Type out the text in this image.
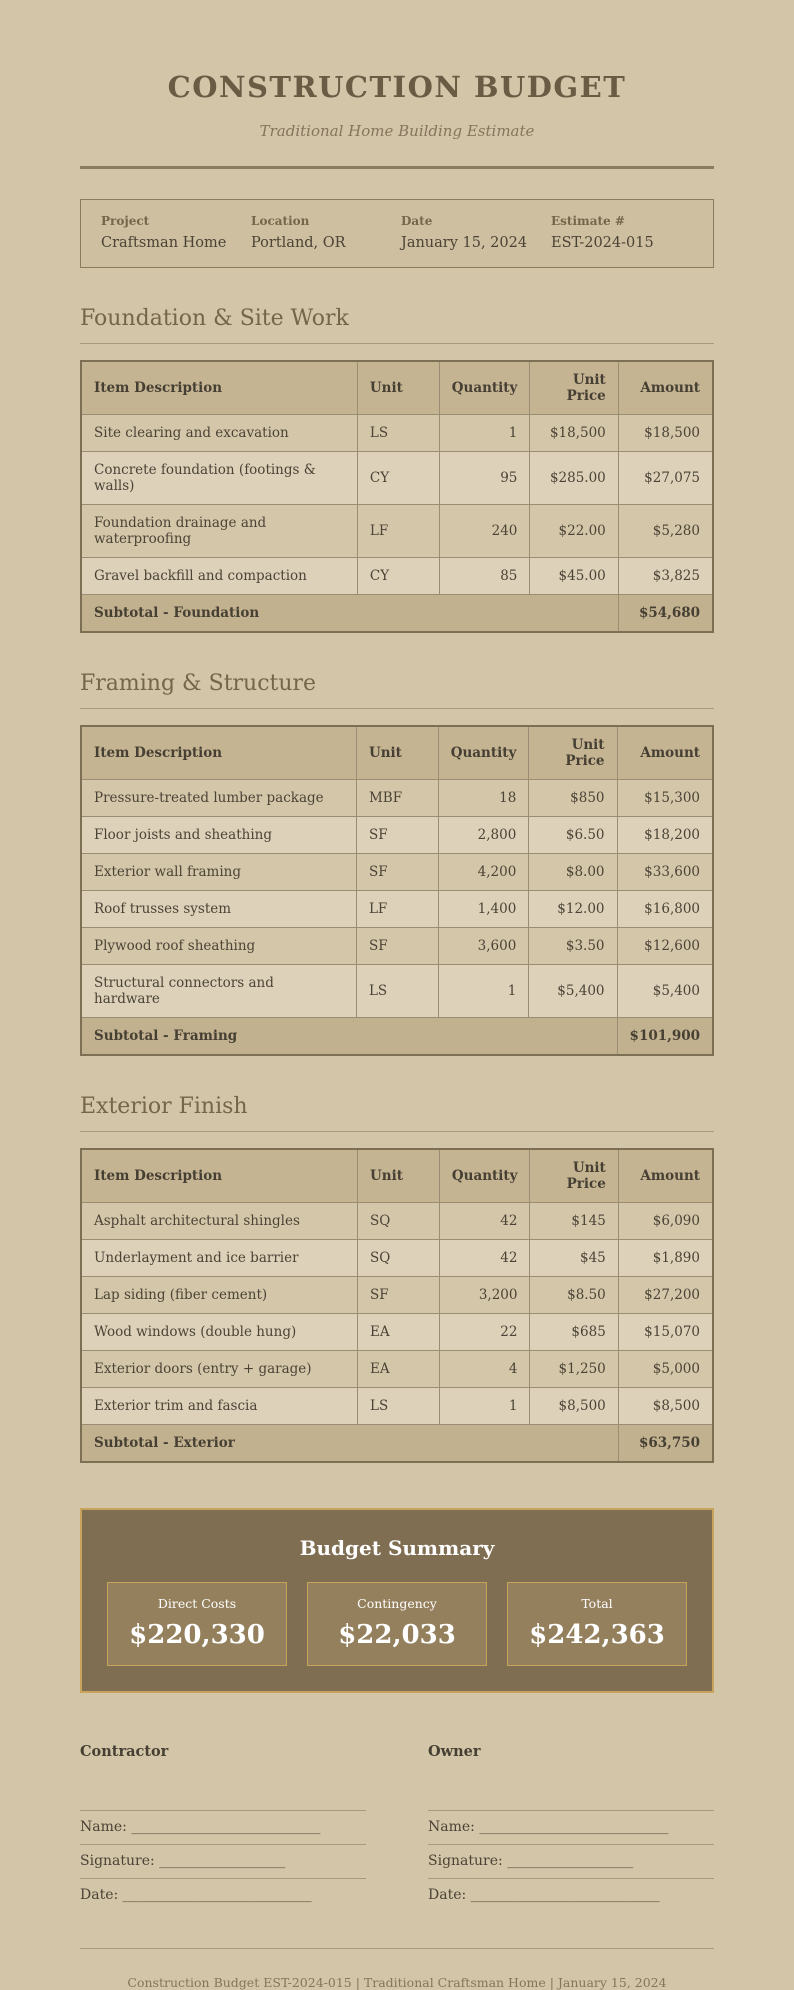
CONSTRUCTION BUDGET
Traditional Home Building Estimate
Project
Craftsman Home
Location
Portland, OR
Date
January 15, 2024
Estimate #
EST-2024-015
Foundation & Site Work
Item Description	Unit	Quantity	Unit Price	Amount
Site clearing and excavation	LS	1	$18,500	$18,500
Concrete foundation (footings & walls)	CY	95	$285.00	$27,075
Foundation drainage and waterproofing	LF	240	$22.00	$5,280
Gravel backfill and compaction	CY	85	$45.00	$3,825
Subtotal - Foundation				$54,680
Framing & Structure
Item Description	Unit	Quantity	Unit Price	Amount
Pressure-treated lumber package	MBF	18	$850	$15,300
Floor joists and sheathing	SF	2,800	$6.50	$18,200
Exterior wall framing	SF	4,200	$8.00	$33,600
Roof trusses system	LF	1,400	$12.00	$16,800
Plywood roof sheathing	SF	3,600	$3.50	$12,600
Structural connectors and hardware	LS	1	$5,400	$5,400
Subtotal - Framing				$101,900
Exterior Finish
Item Description	Unit	Quantity	Unit Price	Amount
Asphalt architectural shingles	SQ	42	$145	$6,090
Underlayment and ice barrier	SQ	42	$45	$1,890
Lap siding (fiber cement)	SF	3,200	$8.50	$27,200
Wood windows (double hung)	EA	22	$685	$15,070
Exterior doors (entry + garage)	EA	4	$1,250	$5,000
Exterior trim and fascia	LS	1	$8,500	$8,500
Subtotal - Exterior				$63,750
Budget Summary
Direct Costs
$220,330
Contingency
$22,033
Total
$242,363
Contractor
Name: ___________________________
Signature: __________________
Date: ___________________________
Owner
Name: ___________________________
Signature: __________________
Date: ___________________________
Construction Budget EST-2024-015 | Traditional Craftsman Home | January 15, 2024
